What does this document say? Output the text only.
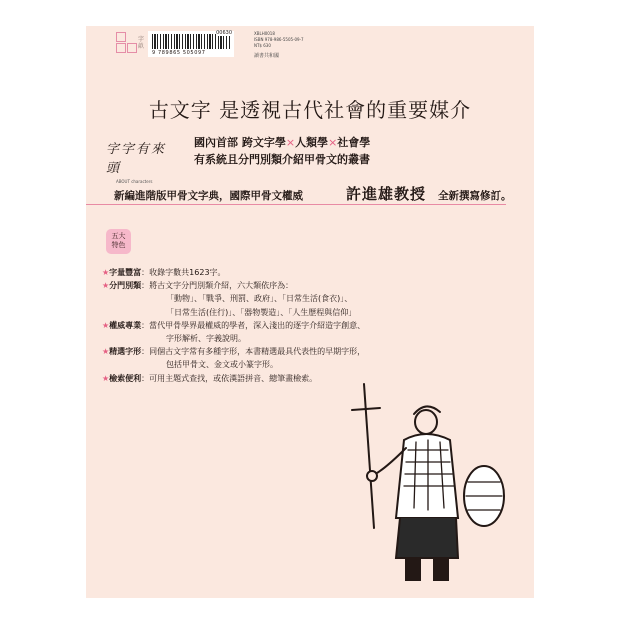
字
畝
9 789865 505097
00630	XBLH0018
ISBN 978-986-5505-09-7
NT$ 630
讀書共和國
古文字 是透視古代社會的重要媒介
字字有來頭
ABOUT characters
國內首部 跨文字學×人類學×社會學
有系統且分門別類介紹甲骨文的叢書
新編進階版甲骨文字典，國際甲骨文權威	許進雄教授 全新撰寫修訂。
五大
特色
★字量豐富：收錄字數共1623字。
★分門別類：將古文字分門別類介紹，六大類依序為：
「動物」、「戰爭、刑罰、政府」、「日常生活(食衣)」、
「日常生活(住行)」、「器物製造」、「人生歷程與信仰」
★權威專業：當代甲骨學界最權威的學者，深入淺出的逐字介紹造字創意、
字形解析、字義說明。
★精選字形：同個古文字常有多種字形，本書精選最具代表性的早期字形，
包括甲骨文、金文或小篆字形。
★檢索便利：可用主題式查找，或依漢語拼音、總筆畫檢索。
